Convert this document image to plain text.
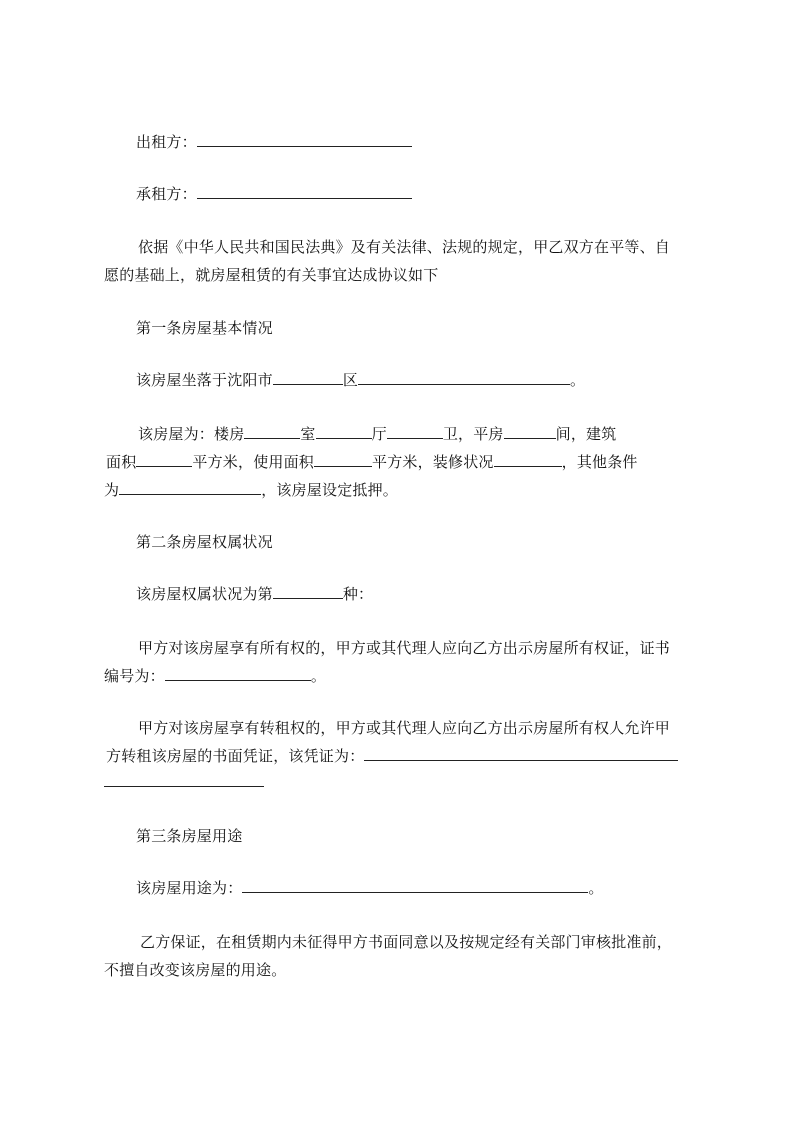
出租方：
承租方：
依据《中华人民共和国民法典》及有关法律、法规的规定，甲乙双方在平等、自
愿的基础上，就房屋租赁的有关事宜达成协议如下
第一条房屋基本情况
该房屋坐落于沈阳市	区	。
该房屋为：楼房	室	厅	卫，平房	间，建筑
面积	平方米，使用面积	平方米，装修状况	，其他条件
为	，该房屋设定抵押。
第二条房屋权属状况
该房屋权属状况为第	种：
甲方对该房屋享有所有权的，甲方或其代理人应向乙方出示房屋所有权证，证书
编号为：	。
甲方对该房屋享有转租权的，甲方或其代理人应向乙方出示房屋所有权人允许甲
方转租该房屋的书面凭证，该凭证为：
第三条房屋用途
该房屋用途为：	。
乙方保证，在租赁期内未征得甲方书面同意以及按规定经有关部门审核批准前，
不擅自改变该房屋的用途。
